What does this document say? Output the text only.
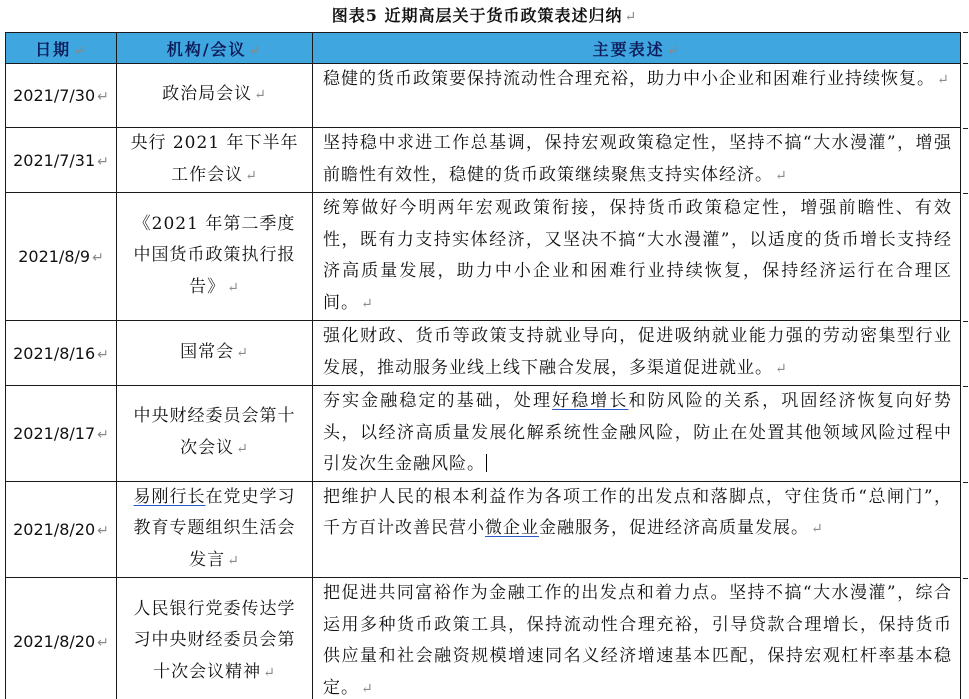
图表5 近期高层关于货币政策表述归纳 ↵
日期 ↵	机构/会议 ↵	主要表述 ↵
2021/7/30 ↵	政治局会议 ↵	稳健的货币政策要保持流动性合理充裕，助力中小企业和困难行业持续恢复。 ↵
2021/7/31 ↵	央行 2021 年下半年工作会议 ↵	坚持稳中求进工作总基调，保持宏观政策稳定性，坚持不搞“大水漫灌”，增强前瞻性有效性，稳健的货币政策继续聚焦支持实体经济。 ↵
2021/8/9 ↵	《2021 年第二季度中国货币政策执行报告》 ↵	统筹做好今明两年宏观政策衔接，保持货币政策稳定性，增强前瞻性、有效性，既有力支持实体经济，又坚决不搞“大水漫灌”，以适度的货币增长支持经济高质量发展，助力中小企业和困难行业持续恢复，保持经济运行在合理区间。 ↵
2021/8/16 ↵	国常会 ↵	强化财政、货币等政策支持就业导向，促进吸纳就业能力强的劳动密集型行业发展，推动服务业线上线下融合发展，多渠道促进就业。 ↵
2021/8/17 ↵	中央财经委员会第十次会议 ↵	夯实金融稳定的基础，处理好稳增长和防风险的关系，巩固经济恢复向好势头，以经济高质量发展化解系统性金融风险，防止在处置其他领域风险过程中引发次生金融风险。
2021/8/20 ↵	易刚行长在党史学习教育专题组织生活会发言 ↵	把维护人民的根本利益作为各项工作的出发点和落脚点，守住货币“总闸门”，千方百计改善民营小微企业金融服务，促进经济高质量发展。 ↵
2021/8/20 ↵	人民银行党委传达学习中央财经委员会第十次会议精神 ↵	把促进共同富裕作为金融工作的出发点和着力点。坚持不搞“大水漫灌”，综合运用多种货币政策工具，保持流动性合理充裕，引导贷款合理增长，保持货币供应量和社会融资规模增速同名义经济增速基本匹配，保持宏观杠杆率基本稳定。 ↵
